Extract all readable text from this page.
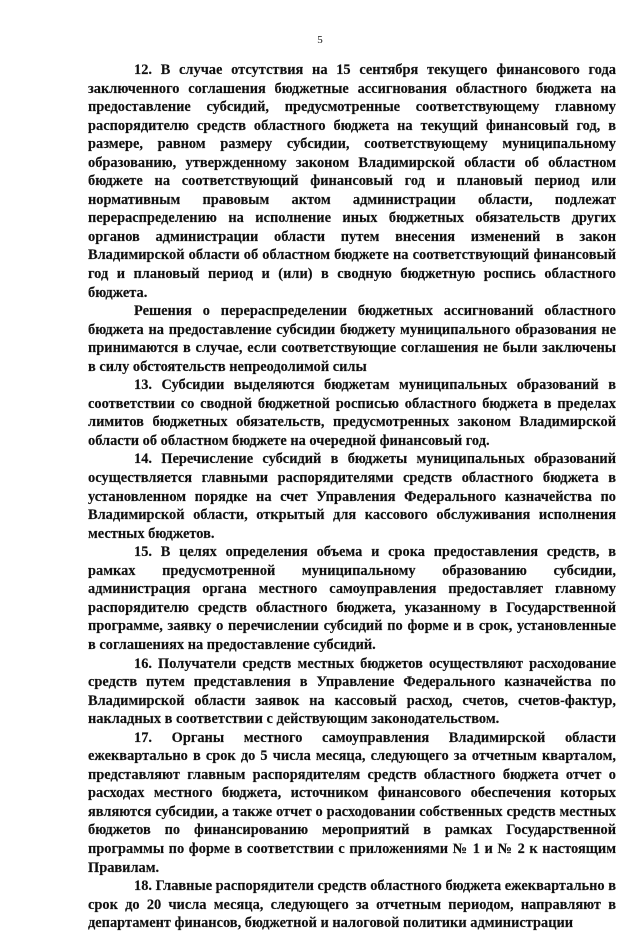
5

12. В случае отсутствия на 15 сентября текущего финансового года заключенного соглашения бюджетные ассигнования областного бюджета на предоставление субсидий, предусмотренные соответствующему главному распорядителю средств областного бюджета на текущий финансовый год, в размере, равном размеру субсидии, соответствующему муниципальному образованию, утвержденному законом Владимирской области об областном бюджете на соответствующий финансовый год и плановый период или нормативным правовым актом администрации области, подлежат перераспределению на исполнение иных бюджетных обязательств других органов администрации области путем внесения изменений в закон Владимирской области об областном бюджете на соответствующий финансовый год и плановый период и (или) в сводную бюджетную роспись областного бюджета.

Решения о перераспределении бюджетных ассигнований областного бюджета на предоставление субсидии бюджету муниципального образования не принимаются в случае, если соответствующие соглашения не были заключены в силу обстоятельств непреодолимой силы

13. Субсидии выделяются бюджетам муниципальных образований в соответствии со сводной бюджетной росписью областного бюджета в пределах лимитов бюджетных обязательств, предусмотренных законом Владимирской области об областном бюджете на очередной финансовый год.

14. Перечисление субсидий в бюджеты муниципальных образований осуществляется главными распорядителями средств областного бюджета в установленном порядке на счет Управления Федерального казначейства по Владимирской области, открытый для кассового обслуживания исполнения местных бюджетов.

15. В целях определения объема и срока предоставления средств, в рамках предусмотренной муниципальному образованию субсидии, администрация органа местного самоуправления предоставляет главному распорядителю средств областного бюджета, указанному в Государственной программе, заявку о перечислении субсидий по форме и в срок, установленные в соглашениях на предоставление субсидий.

16. Получатели средств местных бюджетов осуществляют расходование средств путем представления в Управление Федерального казначейства по Владимирской области заявок на кассовый расход, счетов, счетов-фактур, накладных в соответствии с действующим законодательством.

17. Органы местного самоуправления Владимирской области ежеквартально в срок до 5 числа месяца, следующего за отчетным кварталом, представляют главным распорядителям средств областного бюджета отчет о расходах местного бюджета, источником финансового обеспечения которых являются субсидии, а также отчет о расходовании собственных средств местных бюджетов по финансированию мероприятий в рамках Государственной программы по форме в соответствии с приложениями № 1 и № 2 к настоящим Правилам.

18. Главные распорядители средств областного бюджета ежеквартально в срок до 20 числа месяца, следующего за отчетным периодом, направляют в департамент финансов, бюджетной и налоговой политики администрации
